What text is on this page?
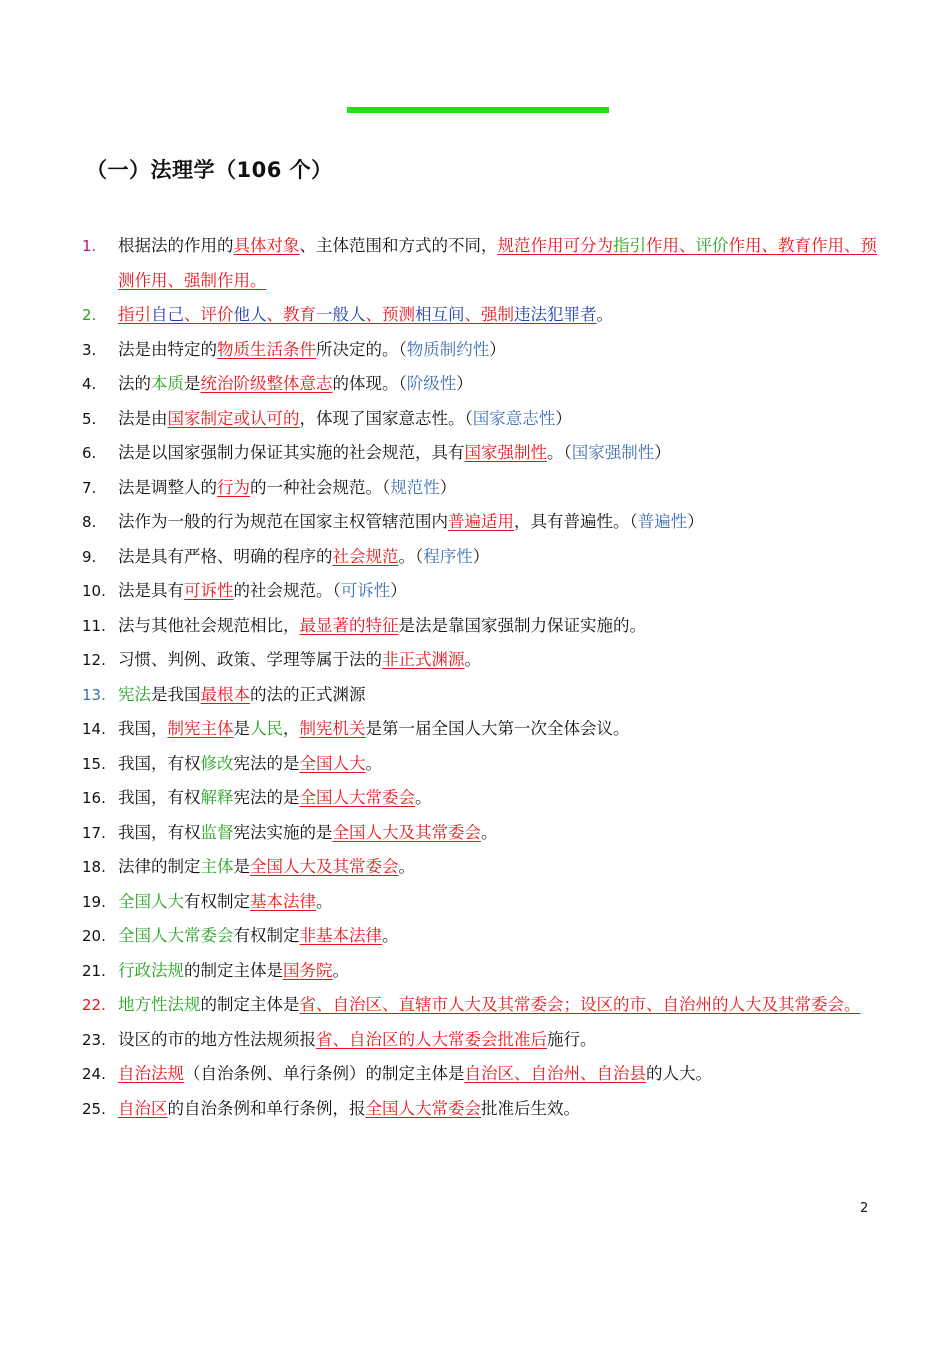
（一）法理学（106 个）
1.	根据法的作用的具体对象、主体范围和方式的不同，规范作用可分为指引作用、评价作用、教育作用、预测作用、强制作用。
2.	指引自己、评价他人、教育一般人、预测相互间、强制违法犯罪者。
3.	法是由特定的物质生活条件所决定的。（物质制约性）
4.	法的本质是统治阶级整体意志的体现。（阶级性）
5.	法是由国家制定或认可的，体现了国家意志性。（国家意志性）
6.	法是以国家强制力保证其实施的社会规范，具有国家强制性。（国家强制性）
7.	法是调整人的行为的一种社会规范。（规范性）
8.	法作为一般的行为规范在国家主权管辖范围内普遍适用，具有普遍性。（普遍性）
9.	法是具有严格、明确的程序的社会规范。（程序性）
10. 法是具有可诉性的社会规范。（可诉性）
11. 法与其他社会规范相比，最显著的特征是法是靠国家强制力保证实施的。
12. 习惯、判例、政策、学理等属于法的非正式渊源。
13. 宪法是我国最根本的法的正式渊源
14. 我国，制宪主体是人民，制宪机关是第一届全国人大第一次全体会议。
15. 我国，有权修改宪法的是全国人大。
16. 我国，有权解释宪法的是全国人大常委会。
17. 我国，有权监督宪法实施的是全国人大及其常委会。
18. 法律的制定主体是全国人大及其常委会。
19. 全国人大有权制定基本法律。
20. 全国人大常委会有权制定非基本法律。
21. 行政法规的制定主体是国务院。
22. 地方性法规的制定主体是省、自治区、直辖市人大及其常委会；设区的市、自治州的人大及其常委会。
23. 设区的市的地方性法规须报省、自治区的人大常委会批准后施行。
24. 自治法规（自治条例、单行条例）的制定主体是自治区、自治州、自治县的人大。
25. 自治区的自治条例和单行条例，报全国人大常委会批准后生效。
2
